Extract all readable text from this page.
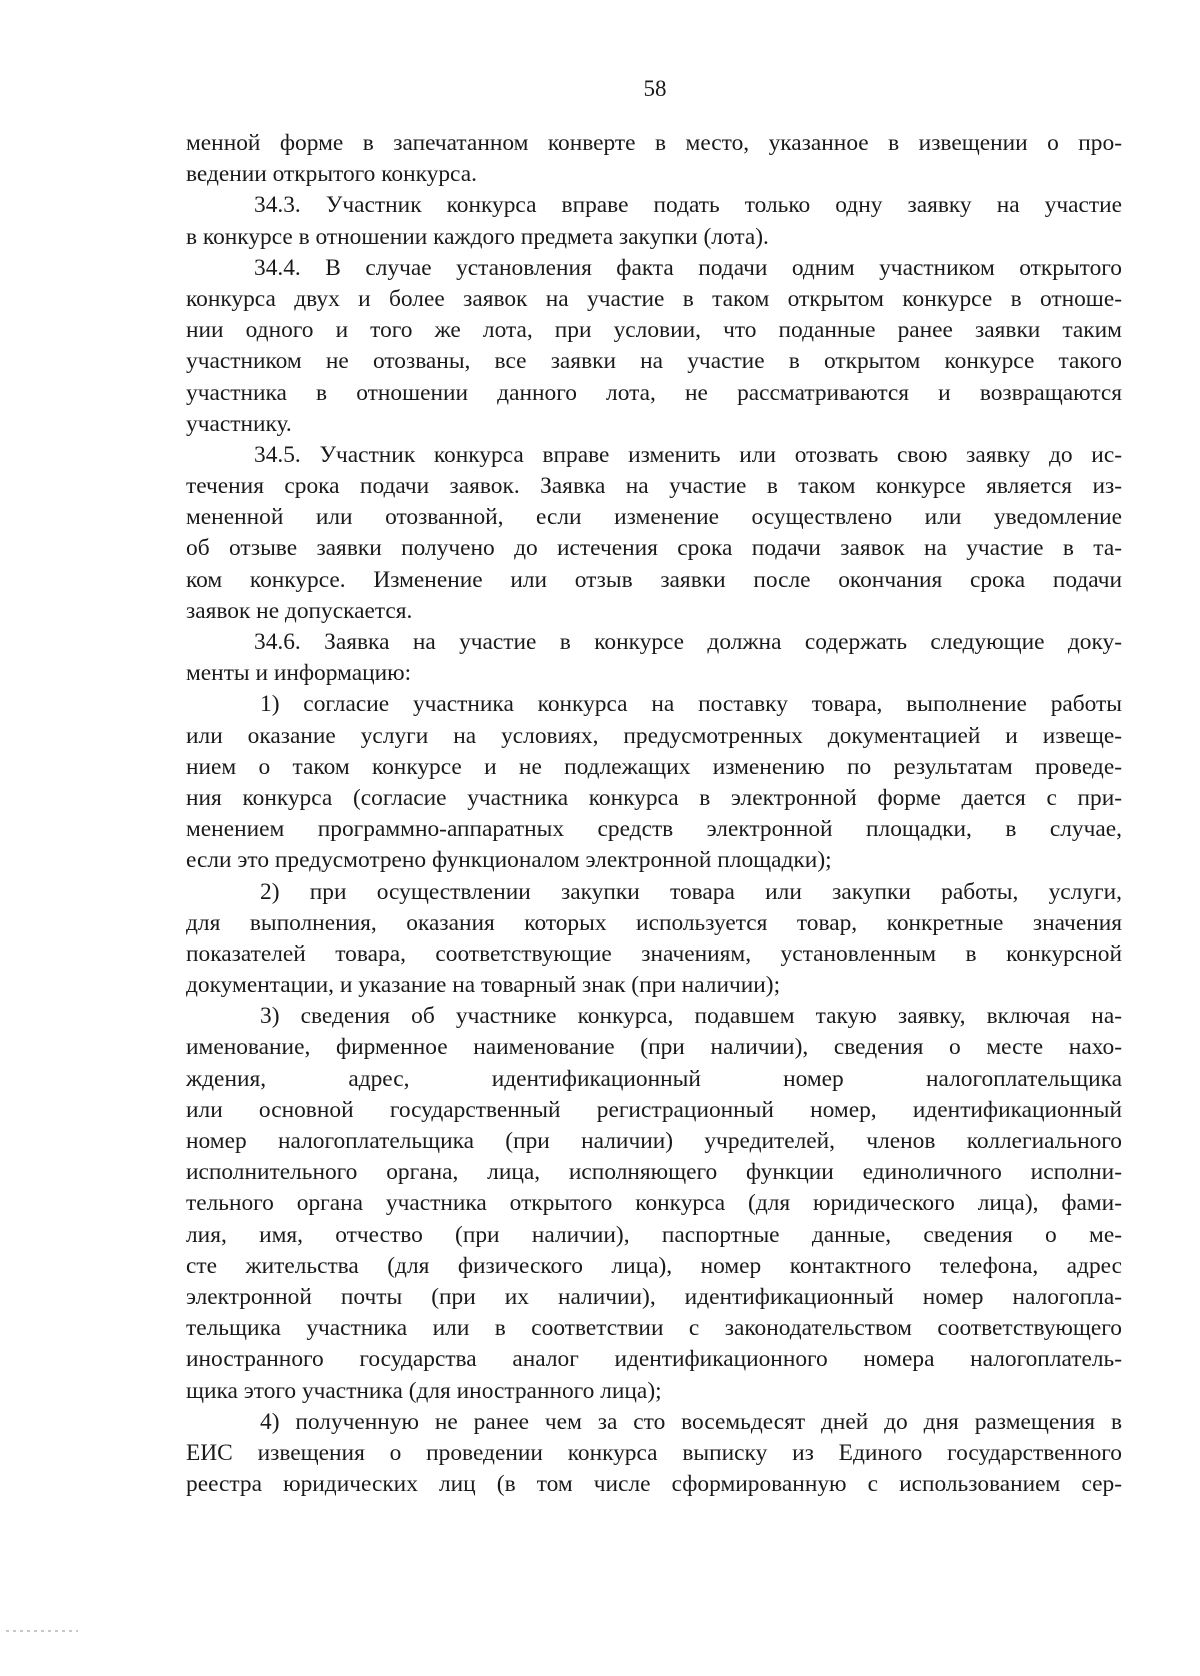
58
менной форме в запечатанном конверте в место, указанное в извещении о про-
ведении открытого конкурса.
34.3. Участник конкурса вправе подать только одну заявку на участие
в конкурсе в отношении каждого предмета закупки (лота).
34.4. В случае установления факта подачи одним участником открытого
конкурса двух и более заявок на участие в таком открытом конкурсе в отноше-
нии одного и того же лота, при условии, что поданные ранее заявки таким
участником не отозваны, все заявки на участие в открытом конкурсе такого
участника в отношении данного лота, не рассматриваются и возвращаются
участнику.
34.5. Участник конкурса вправе изменить или отозвать свою заявку до ис-
течения срока подачи заявок. Заявка на участие в таком конкурсе является из-
мененной или отозванной, если изменение осуществлено или уведомление
об отзыве заявки получено до истечения срока подачи заявок на участие в та-
ком конкурсе. Изменение или отзыв заявки после окончания срока подачи
заявок не допускается.
34.6. Заявка на участие в конкурсе должна содержать следующие доку-
менты и информацию:
1) согласие участника конкурса на поставку товара, выполнение работы
или оказание услуги на условиях, предусмотренных документацией и извеще-
нием о таком конкурсе и не подлежащих изменению по результатам проведе-
ния конкурса (согласие участника конкурса в электронной форме дается с при-
менением программно-аппаратных средств электронной площадки, в случае,
если это предусмотрено функционалом электронной площадки);
2) при осуществлении закупки товара или закупки работы, услуги,
для выполнения, оказания которых используется товар, конкретные значения
показателей товара, соответствующие значениям, установленным в конкурсной
документации, и указание на товарный знак (при наличии);
3) сведения об участнике конкурса, подавшем такую заявку, включая на-
именование, фирменное наименование (при наличии), сведения о месте нахо-
ждения, адрес, идентификационный номер налогоплательщика
или основной государственный регистрационный номер, идентификационный
номер налогоплательщика (при наличии) учредителей, членов коллегиального
исполнительного органа, лица, исполняющего функции единоличного исполни-
тельного органа участника открытого конкурса (для юридического лица), фами-
лия, имя, отчество (при наличии), паспортные данные, сведения о ме-
сте жительства (для физического лица), номер контактного телефона, адрес
электронной почты (при их наличии), идентификационный номер налогопла-
тельщика участника или в соответствии с законодательством соответствующего
иностранного государства аналог идентификационного номера налогоплатель-
щика этого участника (для иностранного лица);
4) полученную не ранее чем за сто восемьдесят дней до дня размещения в
ЕИС извещения о проведении конкурса выписку из Единого государственного
реестра юридических лиц (в том числе сформированную с использованием сер-
